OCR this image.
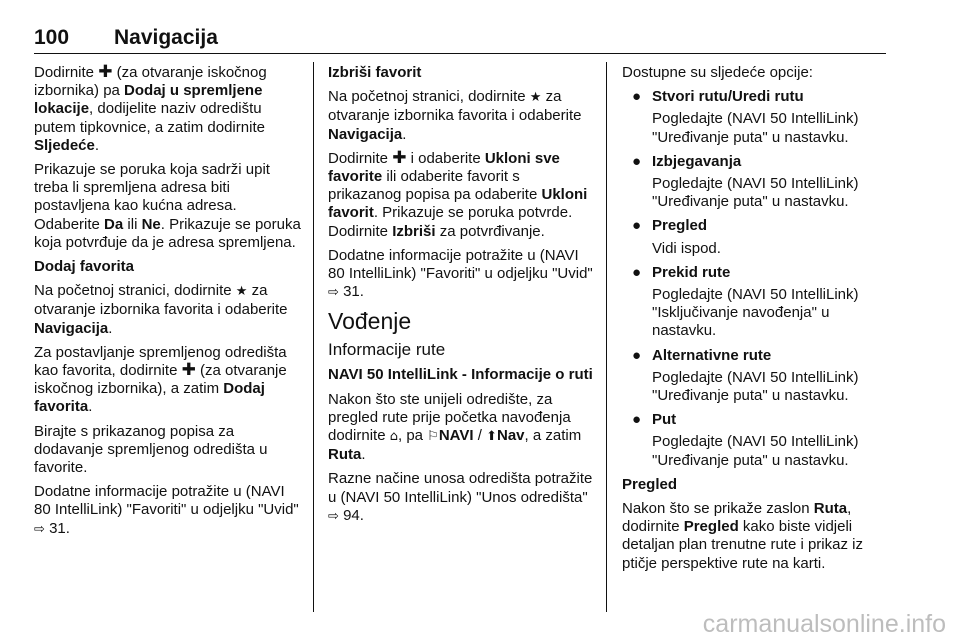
100 Navigacija

Dodirnite ✚ (za otvaranje iskočnog izbornika) pa Dodaj u spremljene lokacije, dodijelite naziv odredištu putem tipkovnice, a zatim dodirnite Sljedeće.

Prikazuje se poruka koja sadrži upit treba li spremljena adresa biti postavljena kao kućna adresa. Odaberite Da ili Ne. Prikazuje se poruka koja potvrđuje da je adresa spremljena.

Dodaj favorita

Na početnoj stranici, dodirnite ★ za otvaranje izbornika favorita i odaberite Navigacija.

Za postavljanje spremljenog odredišta kao favorita, dodirnite ✚ (za otvaranje iskočnog izbornika), a zatim Dodaj favorita.

Birajte s prikazanog popisa za dodavanje spremljenog odredišta u favorite.

Dodatne informacije potražite u (NAVI 80 IntelliLink) "Favoriti" u odjeljku "Uvid" ⇨ 31.

Izbriši favorit

Na početnoj stranici, dodirnite ★ za otvaranje izbornika favorita i odaberite Navigacija.

Dodirnite ✚ i odaberite Ukloni sve favorite ili odaberite favorit s prikazanog popisa pa odaberite Ukloni favorit. Prikazuje se poruka potvrde. Dodirnite Izbriši za potvrđivanje.

Dodatne informacije potražite u (NAVI 80 IntelliLink) "Favoriti" u odjeljku "Uvid" ⇨ 31.

Vođenje

Informacije rute

NAVI 50 IntelliLink - Informacije o ruti

Nakon što ste unijeli odredište, za pregled rute prije početka navođenja dodirnite ⌂, pa ⚐NAVI / ⬆Nav, a zatim Ruta.

Razne načine unosa odredišta potražite u (NAVI 50 IntelliLink) "Unos odredišta" ⇨ 94.

Dostupne su sljedeće opcije:

● Stvori rutu/Uredi rutu
Pogledajte (NAVI 50 IntelliLink) "Uređivanje puta" u nastavku.
● Izbjegavanja
Pogledajte (NAVI 50 IntelliLink) "Uređivanje puta" u nastavku.
● Pregled
Vidi ispod.
● Prekid rute
Pogledajte (NAVI 50 IntelliLink) "Isključivanje navođenja" u nastavku.
● Alternativne rute
Pogledajte (NAVI 50 IntelliLink) "Uređivanje puta" u nastavku.
● Put
Pogledajte (NAVI 50 IntelliLink) "Uređivanje puta" u nastavku.

Pregled

Nakon što se prikaže zaslon Ruta, dodirnite Pregled kako biste vidjeli detaljan plan trenutne rute i prikaz iz ptičje perspektive rute na karti.

carmanualsonline.info
